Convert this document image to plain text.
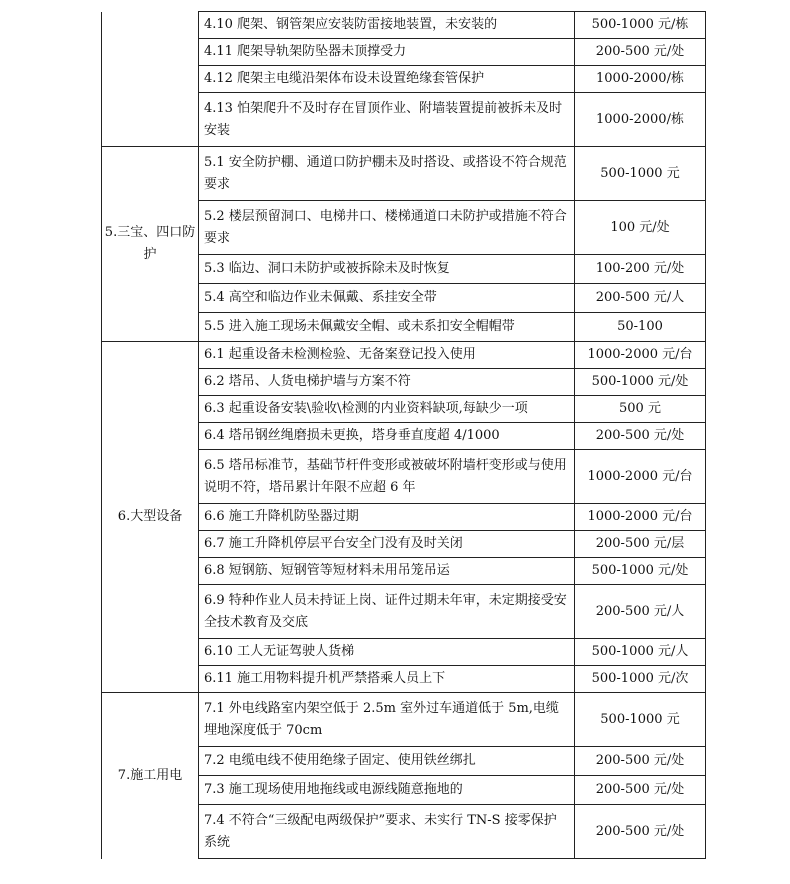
	4.10 爬架、钢管架应安装防雷接地装置，未安装的	500-1000 元/栋
	4.11 爬架导轨架防坠器未顶撑受力	200-500 元/处
	4.12 爬架主电缆沿架体布设未设置绝缘套管保护	1000-2000/栋
	4.13 怕架爬升不及时存在冒顶作业、附墙装置提前被拆未及时安装	1000-2000/栋
5.三宝、四口防护	5.1 安全防护棚、通道口防护棚未及时搭设、或搭设不符合规范要求	500-1000 元
	5.2 楼层预留洞口、电梯井口、楼梯通道口未防护或措施不符合要求	100 元/处
	5.3 临边、洞口未防护或被拆除未及时恢复	100-200 元/处
	5.4 高空和临边作业未佩戴、系挂安全带	200-500 元/人
	5.5 进入施工现场未佩戴安全帽、或未系扣安全帽帽带	50-100
6.大型设备	6.1 起重设备未检测检验、无备案登记投入使用	1000-2000 元/台
	6.2 塔吊、人货电梯护墙与方案不符	500-1000 元/处
	6.3 起重设备安装\验收\检测的内业资料缺项,每缺少一项	500 元
	6.4 塔吊钢丝绳磨损未更换，塔身垂直度超 4/1000	200-500 元/处
	6.5 塔吊标准节，基础节杆件变形或被破坏附墙杆变形或与使用说明不符，塔吊累计年限不应超 6 年	1000-2000 元/台
	6.6 施工升降机防坠器过期	1000-2000 元/台
	6.7 施工升降机停层平台安全门没有及时关闭	200-500 元/层
	6.8 短钢筋、短钢管等短材料未用吊笼吊运	500-1000 元/处
	6.9 特种作业人员未持证上岗、证件过期未年审，未定期接受安全技术教育及交底	200-500 元/人
	6.10 工人无证驾驶人货梯	500-1000 元/人
	6.11 施工用物料提升机严禁搭乘人员上下	500-1000 元/次
7.施工用电	7.1 外电线路室内架空低于 2.5m 室外过车通道低于 5m,电缆埋地深度低于 70cm	500-1000 元
	7.2 电缆电线不使用绝缘子固定、使用铁丝绑扎	200-500 元/处
	7.3 施工现场使用地拖线或电源线随意拖地的	200-500 元/处
	7.4 不符合“三级配电两级保护”要求、未实行 TN-S 接零保护系统	200-500 元/处
